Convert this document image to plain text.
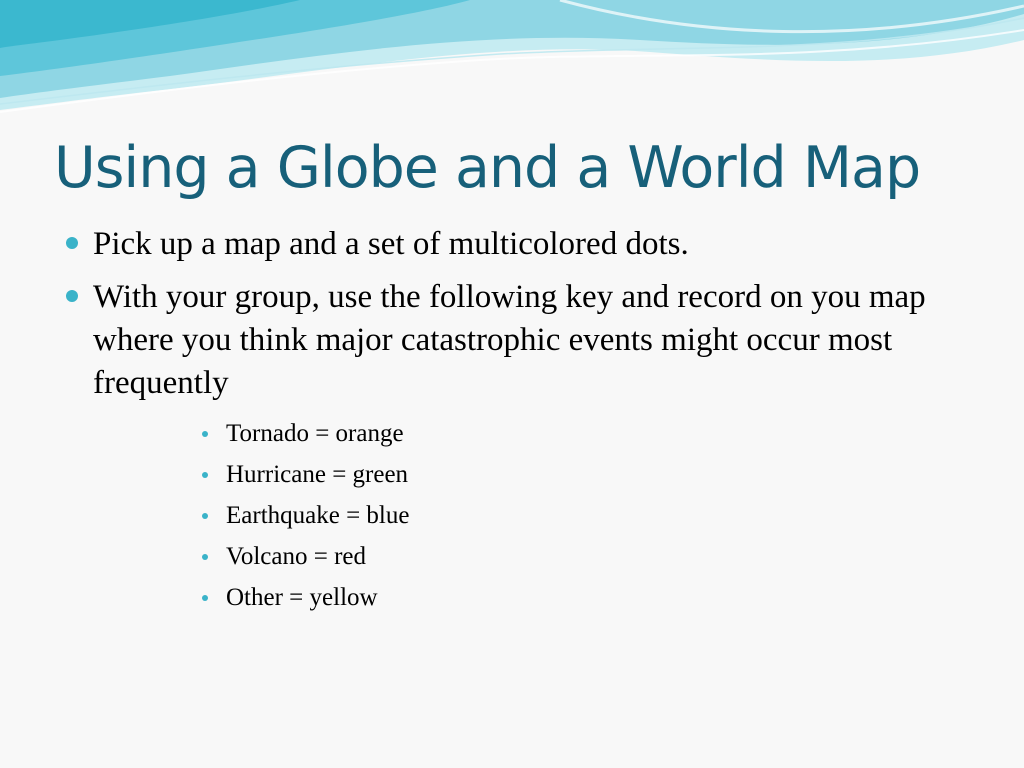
Using a Globe and a World Map
Pick up a map and a set of multicolored dots.
With your group, use the following key and record on you map where you think major catastrophic events might occur most frequently
Tornado = orange
Hurricane = green
Earthquake = blue
Volcano = red
Other = yellow
